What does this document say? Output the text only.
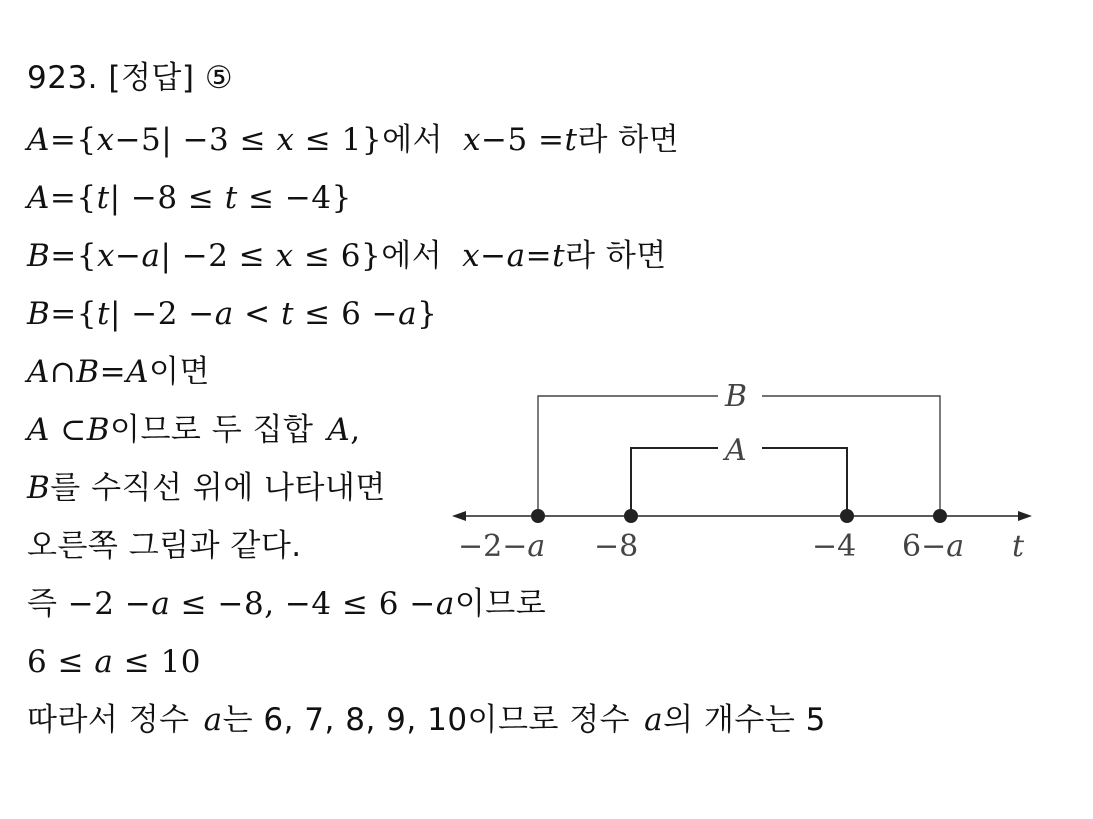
923. [정답] ⑤
A={x−5| −3 ≤ x ≤ 1}에서 x−5 =t라 하면
A={t| −8 ≤ t ≤ −4}
B={x−a| −2 ≤ x ≤ 6}에서 x−a=t라 하면
B={t| −2 −a < t ≤ 6 −a}
A∩B=A이면
A ⊂B이므로 두 집합 A,
B를 수직선 위에 나타내면
오른쪽 그림과 같다.
즉 −2 −a ≤ −8, −4 ≤ 6 −a이므로
6 ≤ a ≤ 10
따라서 정수 a는 6, 7, 8, 9, 10이므로 정수 a의 개수는 5
B
A
−2−a −8	−4 6−a t
